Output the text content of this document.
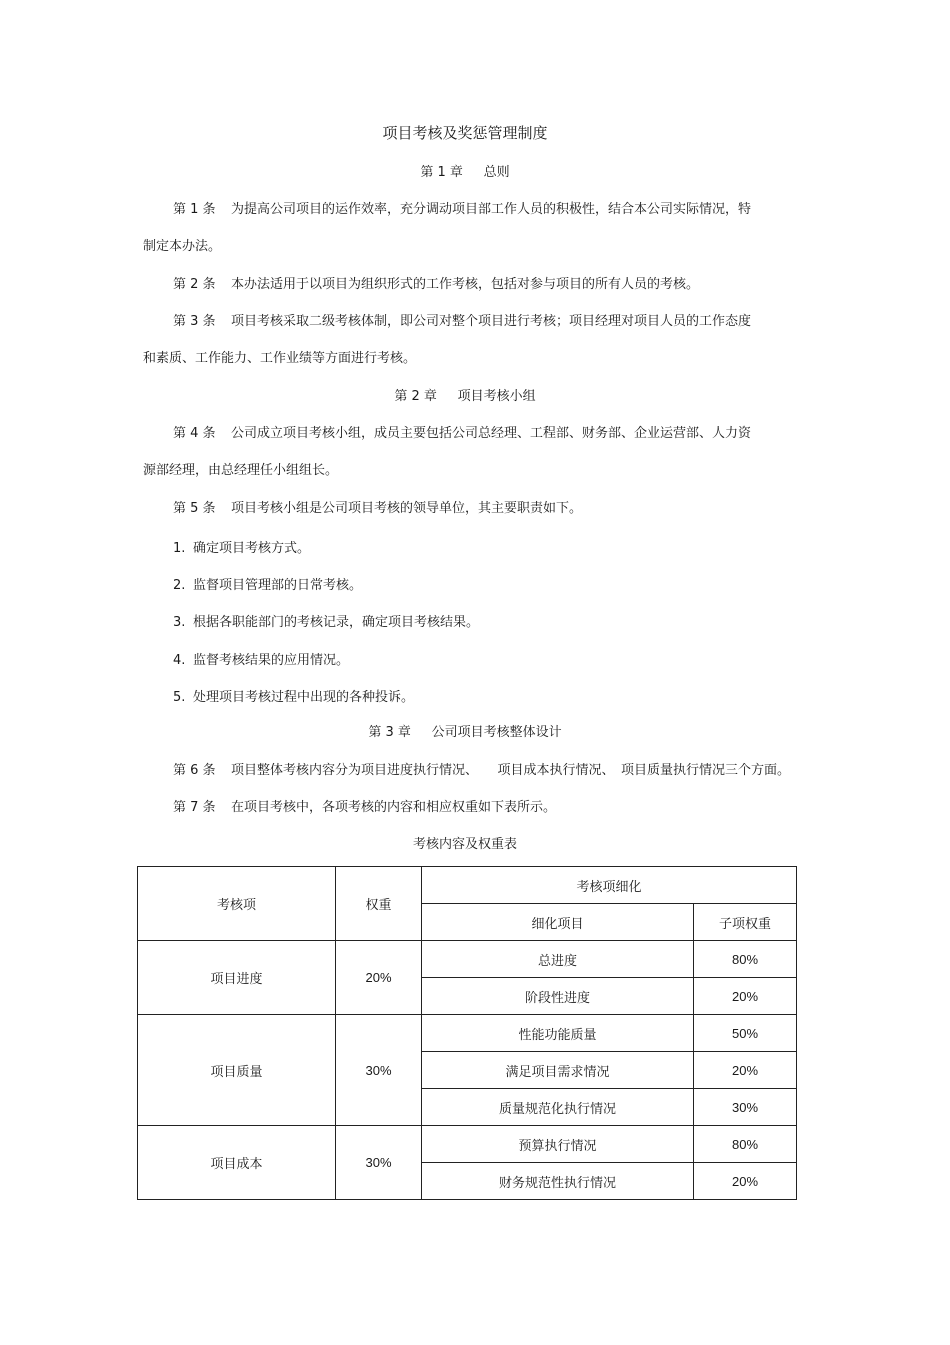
项目考核及奖惩管理制度
第 1 章 总则
第 1 条 为提高公司项目的运作效率，充分调动项目部工作人员的积极性，结合本公司实际情况，特
制定本办法。
第 2 条 本办法适用于以项目为组织形式的工作考核，包括对参与项目的所有人员的考核。
第 3 条 项目考核采取二级考核体制，即公司对整个项目进行考核；项目经理对项目人员的工作态度
和素质、工作能力、工作业绩等方面进行考核。
第 2 章 项目考核小组
第 4 条 公司成立项目考核小组，成员主要包括公司总经理、工程部、财务部、企业运营部、人力资
源部经理，由总经理任小组组长。
第 5 条 项目考核小组是公司项目考核的领导单位，其主要职责如下。
1. 确定项目考核方式。
2. 监督项目管理部的日常考核。
3. 根据各职能部门的考核记录，确定项目考核结果。
4. 监督考核结果的应用情况。
5. 处理项目考核过程中出现的各种投诉。
第 3 章 公司项目考核整体设计
第 6 条 项目整体考核内容分为项目进度执行情况、　　项目成本执行情况、　项目质量执行情况三个方面。
第 7 条 在项目考核中，各项考核的内容和相应权重如下表所示。
考核内容及权重表
考核项	权重	考核项细化	
		细化项目	子项权重
项目进度	20%	总进度	80%
		阶段性进度	20%
项目质量	30%	性能功能质量	50%
		满足项目需求情况	20%
		质量规范化执行情况	30%
项目成本	30%	预算执行情况	80%
		财务规范性执行情况	20%
